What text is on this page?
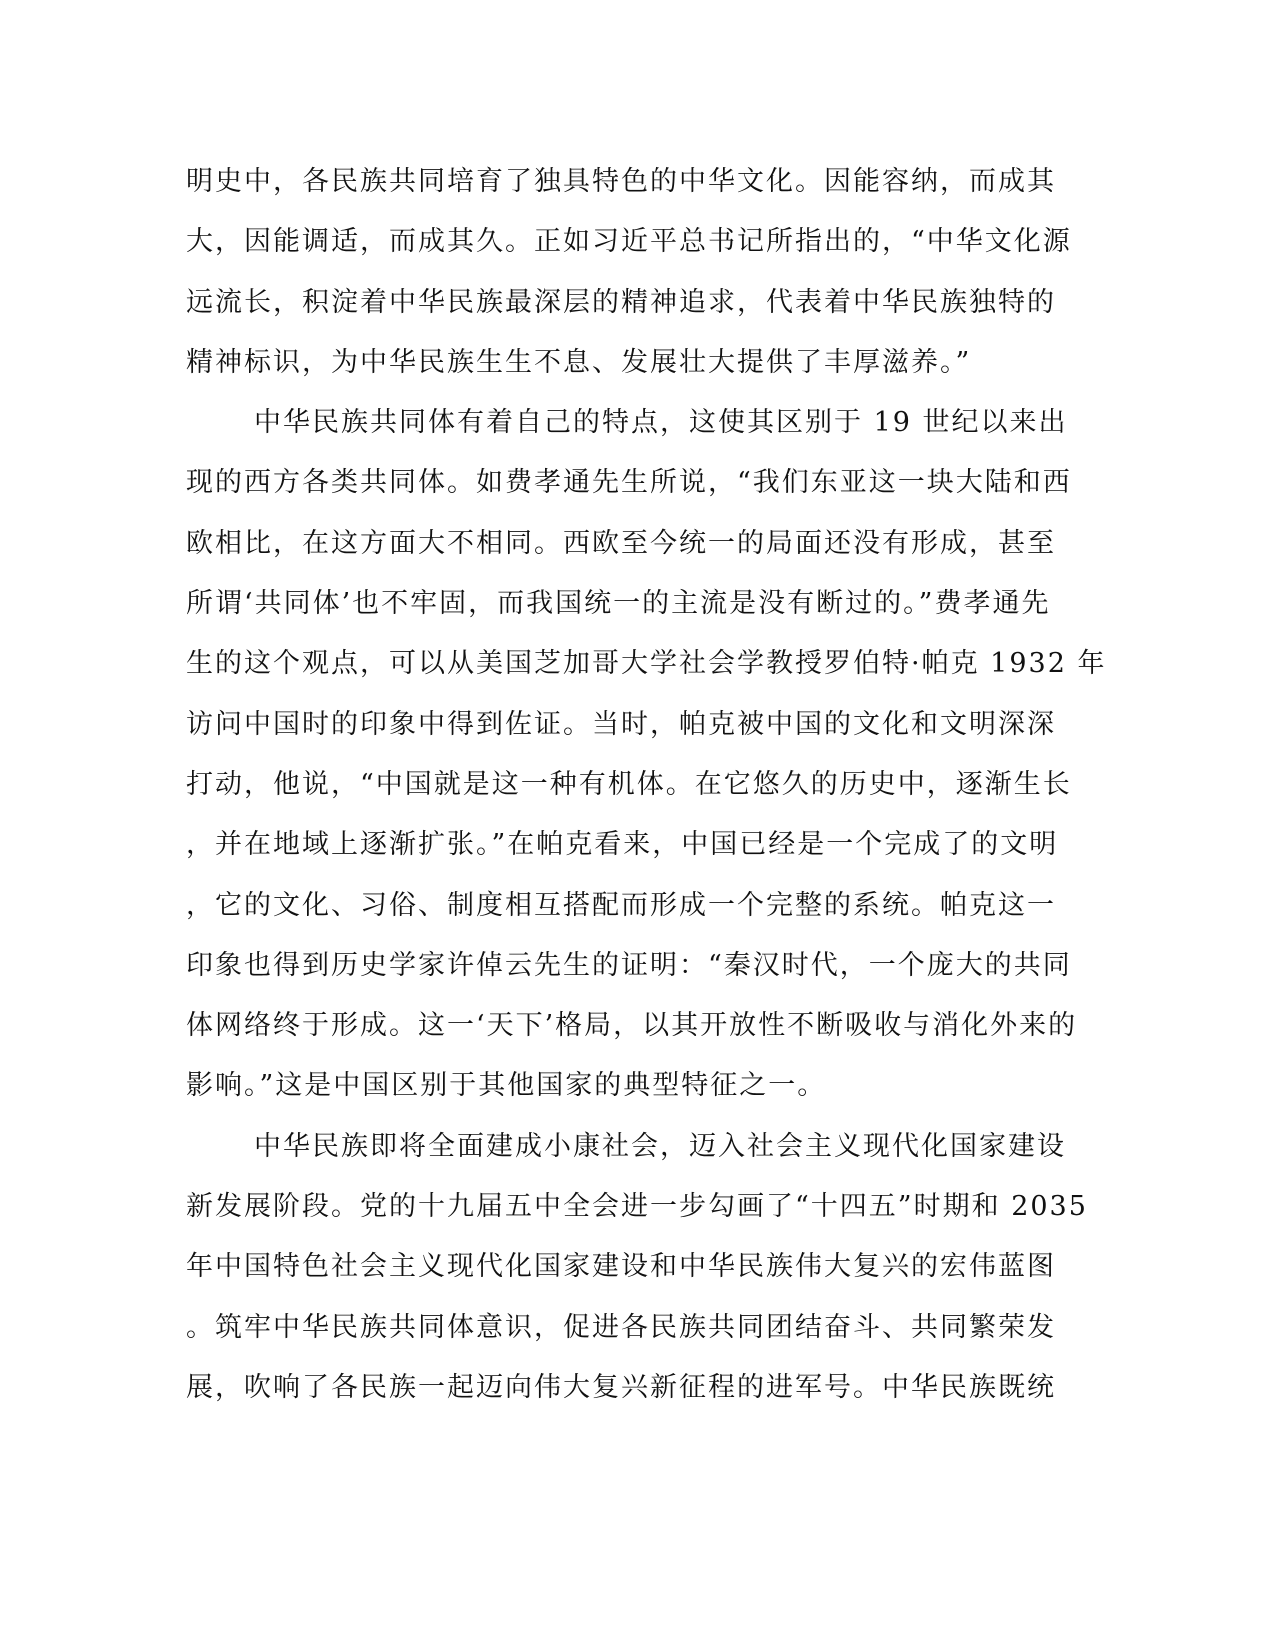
明史中，各民族共同培育了独具特色的中华文化。因能容纳，而成其
大，因能调适，而成其久。正如习近平总书记所指出的，“中华文化源
远流长，积淀着中华民族最深层的精神追求，代表着中华民族独特的
精神标识，为中华民族生生不息、发展壮大提供了丰厚滋养。”
中华民族共同体有着自己的特点，这使其区别于 19 世纪以来出
现的西方各类共同体。如费孝通先生所说，“我们东亚这一块大陆和西
欧相比，在这方面大不相同。西欧至今统一的局面还没有形成，甚至
所谓‘共同体’也不牢固，而我国统一的主流是没有断过的。”费孝通先
生的这个观点，可以从美国芝加哥大学社会学教授罗伯特·帕克 1932 年
访问中国时的印象中得到佐证。当时，帕克被中国的文化和文明深深
打动，他说，“中国就是这一种有机体。在它悠久的历史中，逐渐生长
，并在地域上逐渐扩张。”在帕克看来，中国已经是一个完成了的文明
，它的文化、习俗、制度相互搭配而形成一个完整的系统。帕克这一
印象也得到历史学家许倬云先生的证明：“秦汉时代，一个庞大的共同
体网络终于形成。这一‘天下’格局，以其开放性不断吸收与消化外来的
影响。”这是中国区别于其他国家的典型特征之一。
中华民族即将全面建成小康社会，迈入社会主义现代化国家建设
新发展阶段。党的十九届五中全会进一步勾画了“十四五”时期和 2035
年中国特色社会主义现代化国家建设和中华民族伟大复兴的宏伟蓝图
。筑牢中华民族共同体意识，促进各民族共同团结奋斗、共同繁荣发
展，吹响了各民族一起迈向伟大复兴新征程的进军号。中华民族既统
